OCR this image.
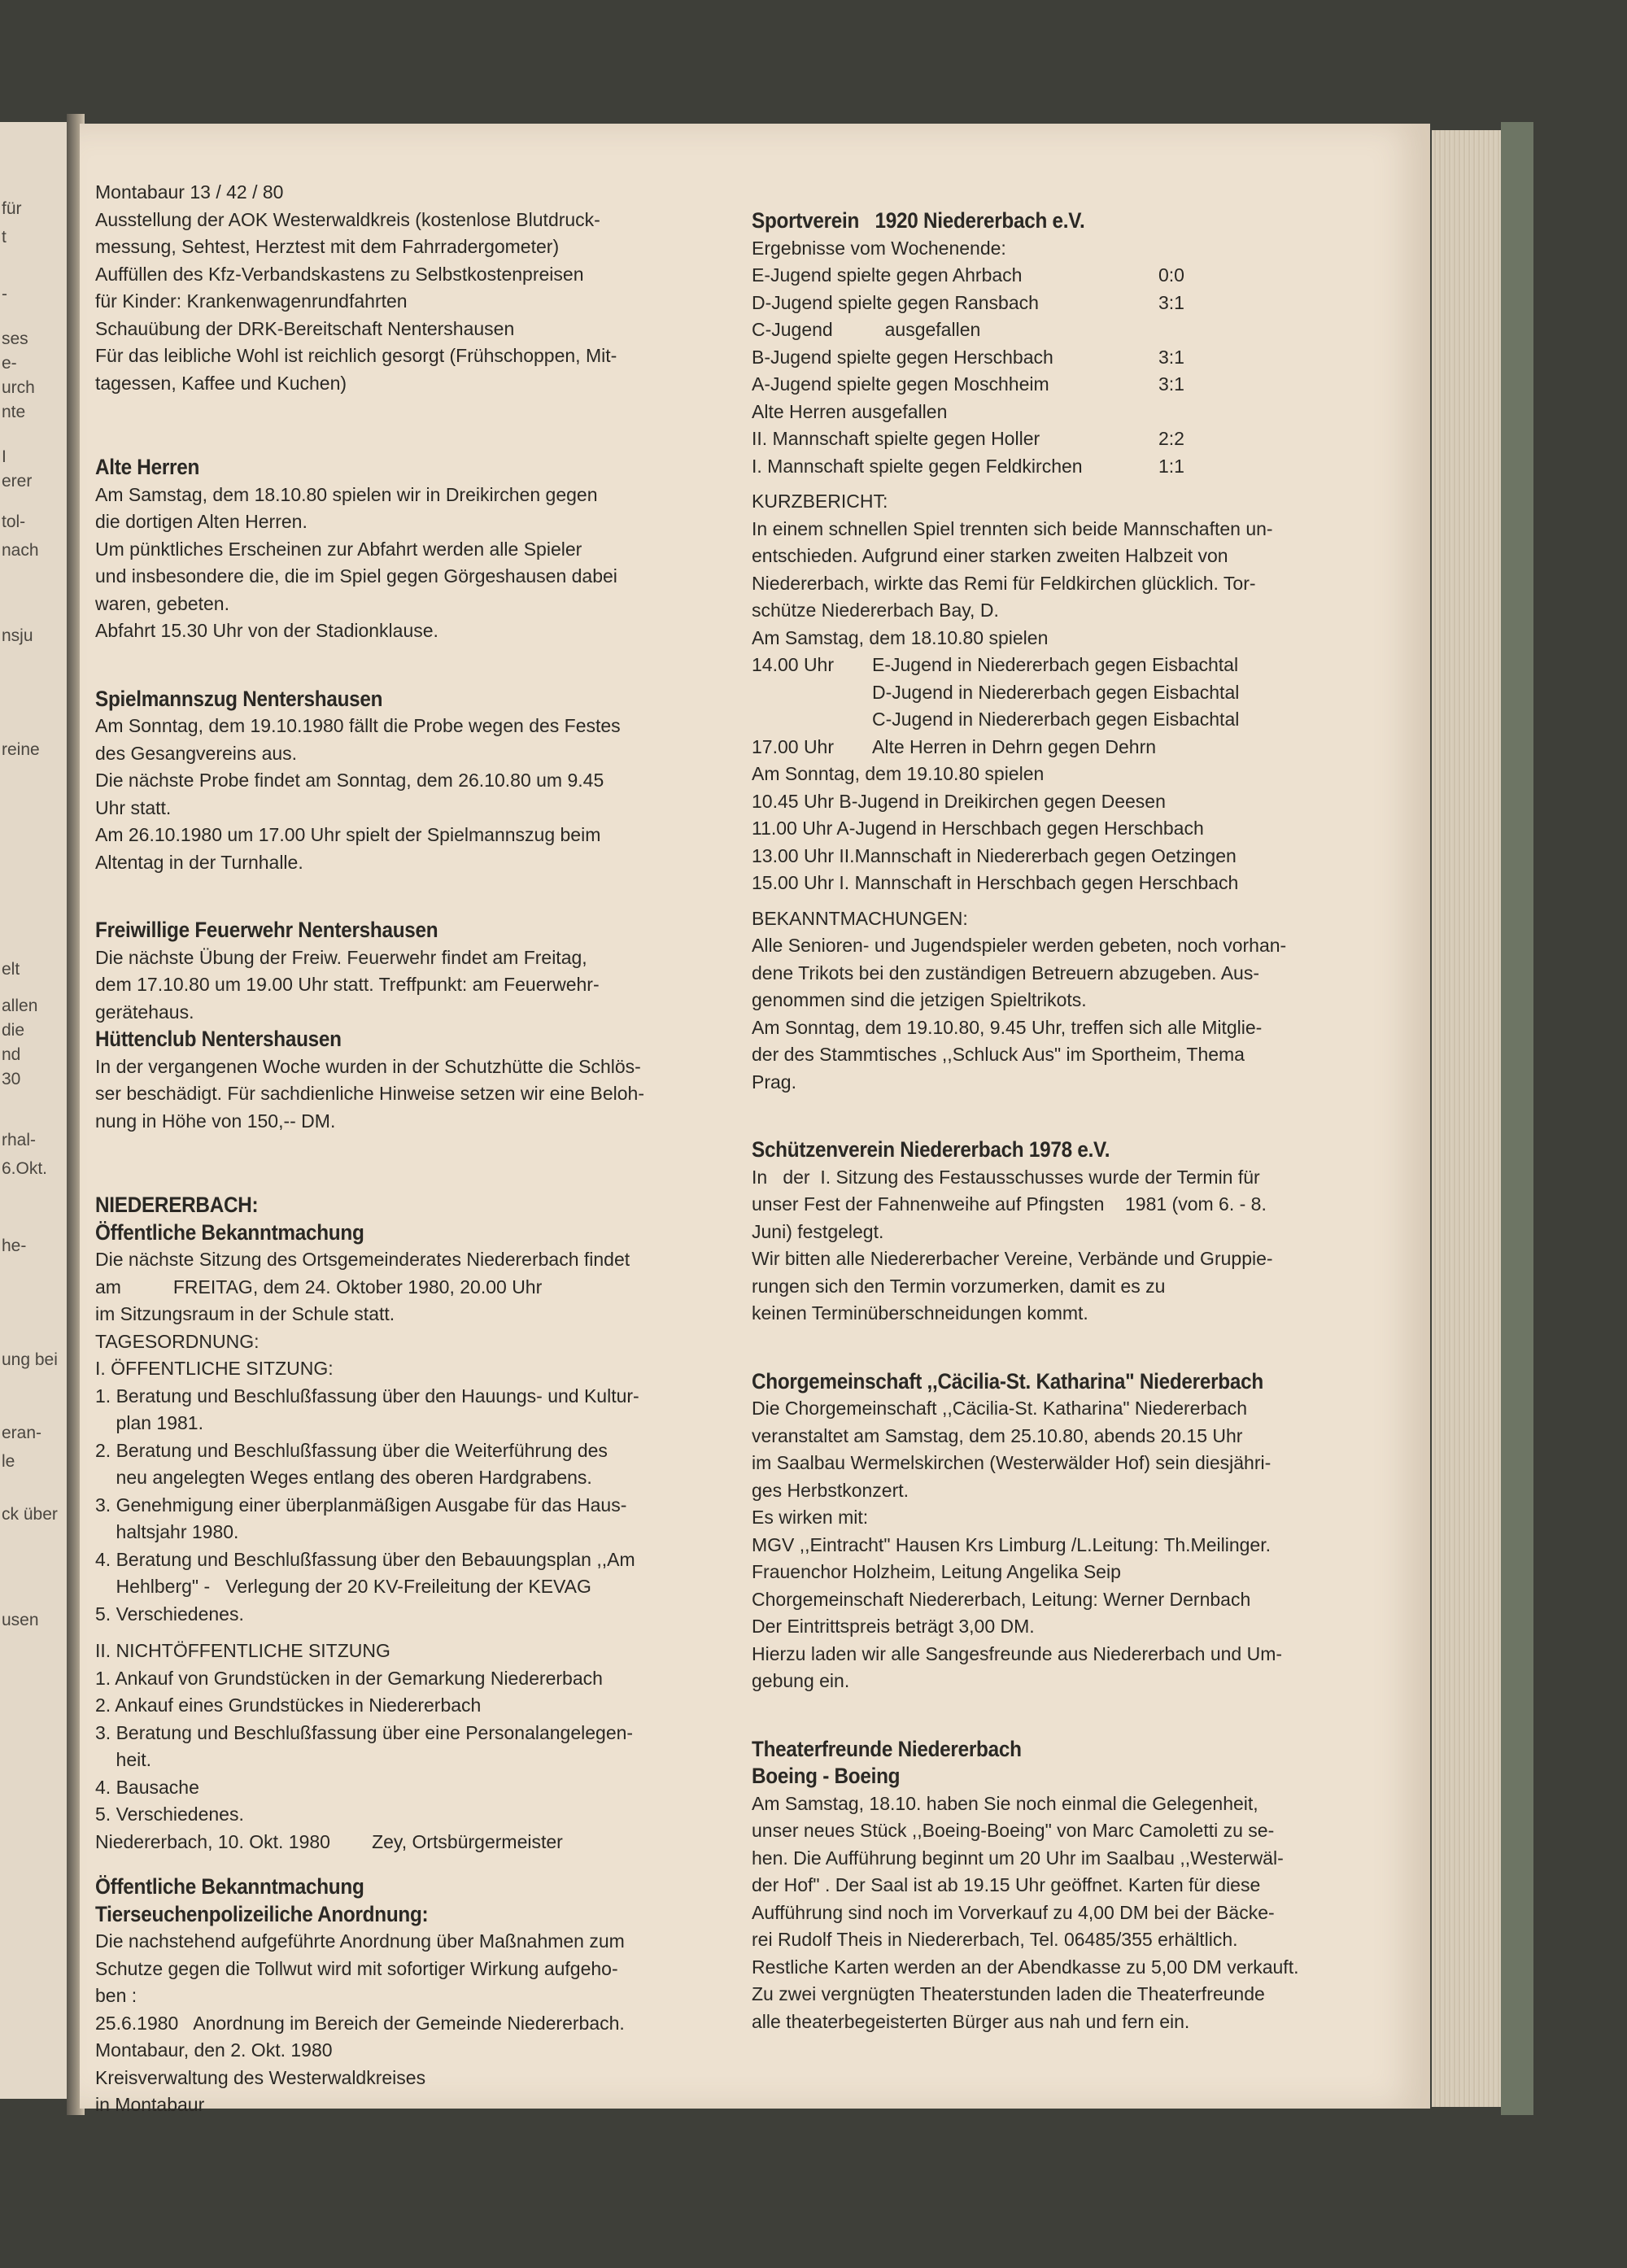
für
t
-
ses
e-
urch
nte
I
erer
tol-
nach
nsju
reine
elt
allen
die
nd
30
rhal-
6.Okt.
he-
ung bei
eran-
le
ck über
usen
Montabaur 13 / 42 / 80
Ausstellung der AOK Westerwaldkreis (kostenlose Blutdruck-
messung, Sehtest, Herztest mit dem Fahrradergometer)
Auffüllen des Kfz-Verbandskastens zu Selbstkostenpreisen
für Kinder: Krankenwagenrundfahrten
Schauübung der DRK-Bereitschaft Nentershausen
Für das leibliche Wohl ist reichlich gesorgt (Frühschoppen, Mit-
tagessen, Kaffee und Kuchen)
Alte Herren
Am Samstag, dem 18.10.80 spielen wir in Dreikirchen gegen
die dortigen Alten Herren.
Um pünktliches Erscheinen zur Abfahrt werden alle Spieler
und insbesondere die, die im Spiel gegen Görgeshausen dabei
waren, gebeten.
Abfahrt 15.30 Uhr von der Stadionklause.
Spielmannszug Nentershausen
Am Sonntag, dem 19.10.1980 fällt die Probe wegen des Festes
des Gesangvereins aus.
Die nächste Probe findet am Sonntag, dem 26.10.80 um 9.45
Uhr statt.
Am 26.10.1980 um 17.00 Uhr spielt der Spielmannszug beim
Altentag in der Turnhalle.
Freiwillige Feuerwehr Nentershausen
Die nächste Übung der Freiw. Feuerwehr findet am Freitag,
dem 17.10.80 um 19.00 Uhr statt. Treffpunkt: am Feuerwehr-
gerätehaus.
Hüttenclub Nentershausen
In der vergangenen Woche wurden in der Schutzhütte die Schlös-
ser beschädigt. Für sachdienliche Hinweise setzen wir eine Beloh-
nung in Höhe von 150,-- DM.
NIEDERERBACH:
Öffentliche Bekanntmachung
Die nächste Sitzung des Ortsgemeinderates Niedererbach findet
am          FREITAG, dem 24. Oktober 1980, 20.00 Uhr
im Sitzungsraum in der Schule statt.
TAGESORDNUNG:
I. ÖFFENTLICHE SITZUNG:
1. Beratung und Beschlußfassung über den Hauungs- und Kultur-
plan 1981.
2. Beratung und Beschlußfassung über die Weiterführung des
neu angelegten Weges entlang des oberen Hardgrabens.
3. Genehmigung einer überplanmäßigen Ausgabe für das Haus-
haltsjahr 1980.
4. Beratung und Beschlußfassung über den Bebauungsplan ,,Am
Hehlberg" -   Verlegung der 20 KV-Freileitung der KEVAG
5. Verschiedenes.
II. NICHTÖFFENTLICHE SITZUNG
1. Ankauf von Grundstücken in der Gemarkung Niedererbach
2. Ankauf eines Grundstückes in Niedererbach
3. Beratung und Beschlußfassung über eine Personalangelegen-
heit.
4. Bausache
5. Verschiedenes.
Niedererbach, 10. Okt. 1980        Zey, Ortsbürgermeister
Öffentliche Bekanntmachung
Tierseuchenpolizeiliche Anordnung:
Die nachstehend aufgeführte Anordnung über Maßnahmen zum
Schutze gegen die Tollwut wird mit sofortiger Wirkung aufgeho-
ben :
25.6.1980   Anordnung im Bereich der Gemeinde Niedererbach.
Montabaur, den 2. Okt. 1980
Kreisverwaltung des Westerwaldkreises
in Montabaur
Sportverein   1920 Niedererbach e.V.
Ergebnisse vom Wochenende:
E-Jugend spielte gegen Ahrbach	0:0
D-Jugend spielte gegen Ransbach	3:1
C-Jugend          ausgefallen
B-Jugend spielte gegen Herschbach	3:1
A-Jugend spielte gegen Moschheim	3:1
Alte Herren ausgefallen
II. Mannschaft spielte gegen Holler	2:2
I. Mannschaft spielte gegen Feldkirchen	1:1
KURZBERICHT:
In einem schnellen Spiel trennten sich beide Mannschaften un-
entschieden. Aufgrund einer starken zweiten Halbzeit von
Niedererbach, wirkte das Remi für Feldkirchen glücklich. Tor-
schütze Niedererbach Bay, D.
Am Samstag, dem 18.10.80 spielen
14.00 Uhr	E-Jugend in Niedererbach gegen Eisbachtal
D-Jugend in Niedererbach gegen Eisbachtal
C-Jugend in Niedererbach gegen Eisbachtal
17.00 Uhr	Alte Herren in Dehrn gegen Dehrn
Am Sonntag, dem 19.10.80 spielen
10.45 Uhr B-Jugend in Dreikirchen gegen Deesen
11.00 Uhr A-Jugend in Herschbach gegen Herschbach
13.00 Uhr II.Mannschaft in Niedererbach gegen Oetzingen
15.00 Uhr I. Mannschaft in Herschbach gegen Herschbach
BEKANNTMACHUNGEN:
Alle Senioren- und Jugendspieler werden gebeten, noch vorhan-
dene Trikots bei den zuständigen Betreuern abzugeben. Aus-
genommen sind die jetzigen Spieltrikots.
Am Sonntag, dem 19.10.80, 9.45 Uhr, treffen sich alle Mitglie-
der des Stammtisches ,,Schluck Aus" im Sportheim, Thema
Prag.
Schützenverein Niedererbach 1978 e.V.
In   der  I. Sitzung des Festausschusses wurde der Termin für
unser Fest der Fahnenweihe auf Pfingsten    1981 (vom 6. - 8.
Juni) festgelegt.
Wir bitten alle Niedererbacher Vereine, Verbände und Gruppie-
rungen sich den Termin vorzumerken, damit es zu
keinen Terminüberschneidungen kommt.
Chorgemeinschaft ,,Cäcilia-St. Katharina" Niedererbach
Die Chorgemeinschaft ,,Cäcilia-St. Katharina" Niedererbach
veranstaltet am Samstag, dem 25.10.80, abends 20.15 Uhr
im Saalbau Wermelskirchen (Westerwälder Hof) sein diesjähri-
ges Herbstkonzert.
Es wirken mit:
MGV ,,Eintracht" Hausen Krs Limburg /L.Leitung: Th.Meilinger.
Frauenchor Holzheim, Leitung Angelika Seip
Chorgemeinschaft Niedererbach, Leitung: Werner Dernbach
Der Eintrittspreis beträgt 3,00 DM.
Hierzu laden wir alle Sangesfreunde aus Niedererbach und Um-
gebung ein.
Theaterfreunde Niedererbach
Boeing - Boeing
Am Samstag, 18.10. haben Sie noch einmal die Gelegenheit,
unser neues Stück ,,Boeing-Boeing" von Marc Camoletti zu se-
hen. Die Aufführung beginnt um 20 Uhr im Saalbau ,,Westerwäl-
der Hof" . Der Saal ist ab 19.15 Uhr geöffnet. Karten für diese
Aufführung sind noch im Vorverkauf zu 4,00 DM bei der Bäcke-
rei Rudolf Theis in Niedererbach, Tel. 06485/355 erhältlich.
Restliche Karten werden an der Abendkasse zu 5,00 DM verkauft.
Zu zwei vergnügten Theaterstunden laden die Theaterfreunde
alle theaterbegeisterten Bürger aus nah und fern ein.
